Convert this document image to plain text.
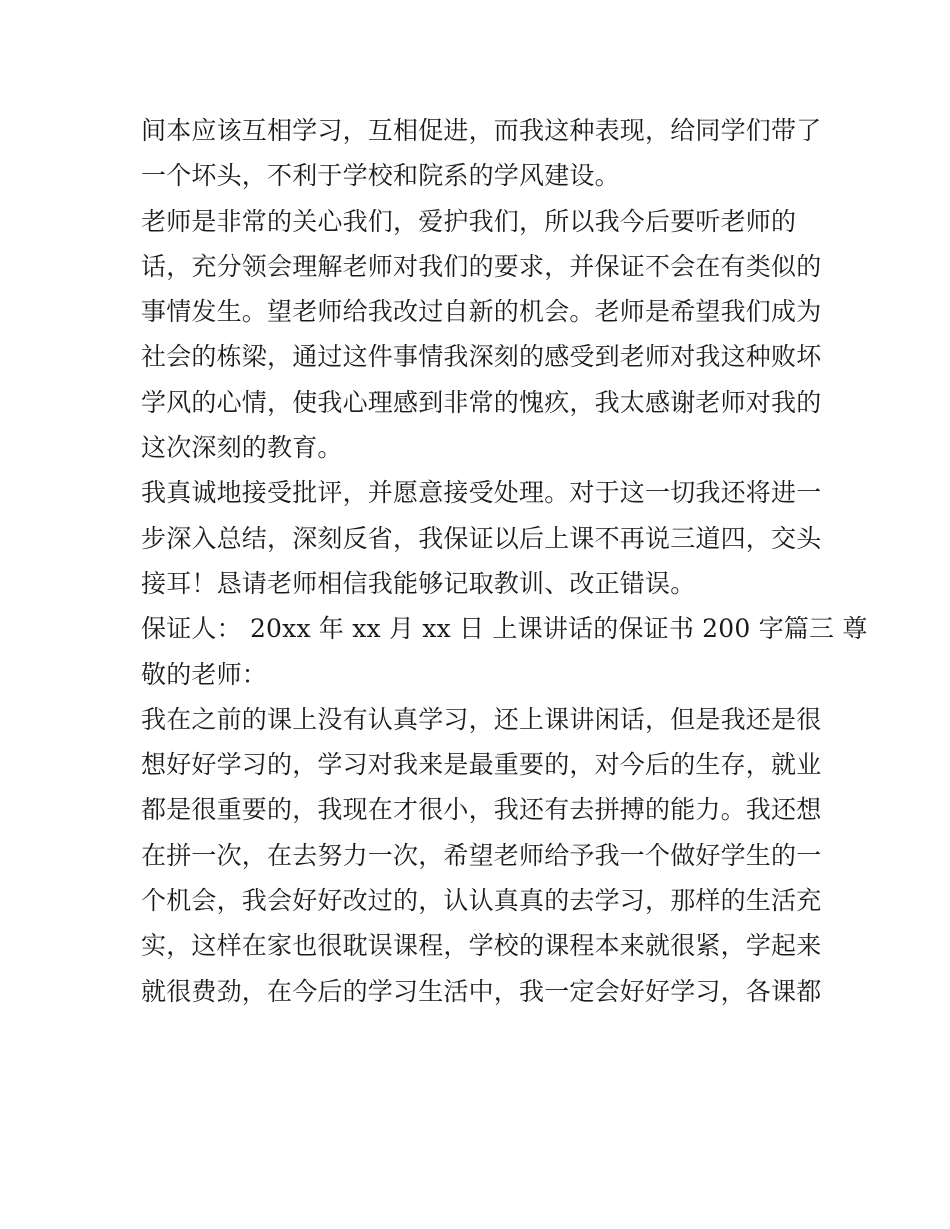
间本应该互相学习，互相促进，而我这种表现，给同学们带了
一个坏头，不利于学校和院系的学风建设。
老师是非常的关心我们，爱护我们，所以我今后要听老师的
话，充分领会理解老师对我们的要求，并保证不会在有类似的
事情发生。望老师给我改过自新的机会。老师是希望我们成为
社会的栋梁，通过这件事情我深刻的感受到老师对我这种败坏
学风的心情，使我心理感到非常的愧疚，我太感谢老师对我的
这次深刻的教育。
我真诚地接受批评，并愿意接受处理。对于这一切我还将进一
步深入总结，深刻反省，我保证以后上课不再说三道四，交头
接耳！恳请老师相信我能够记取教训、改正错误。
保证人： 20xx 年 xx 月 xx 日 上课讲话的保证书 200 字篇三 尊
敬的老师：
我在之前的课上没有认真学习，还上课讲闲话，但是我还是很
想好好学习的，学习对我来是最重要的，对今后的生存，就业
都是很重要的，我现在才很小，我还有去拼搏的能力。我还想
在拼一次，在去努力一次，希望老师给予我一个做好学生的一
个机会，我会好好改过的，认认真真的去学习，那样的生活充
实，这样在家也很耽误课程，学校的课程本来就很紧，学起来
就很费劲，在今后的学习生活中，我一定会好好学习，各课都
